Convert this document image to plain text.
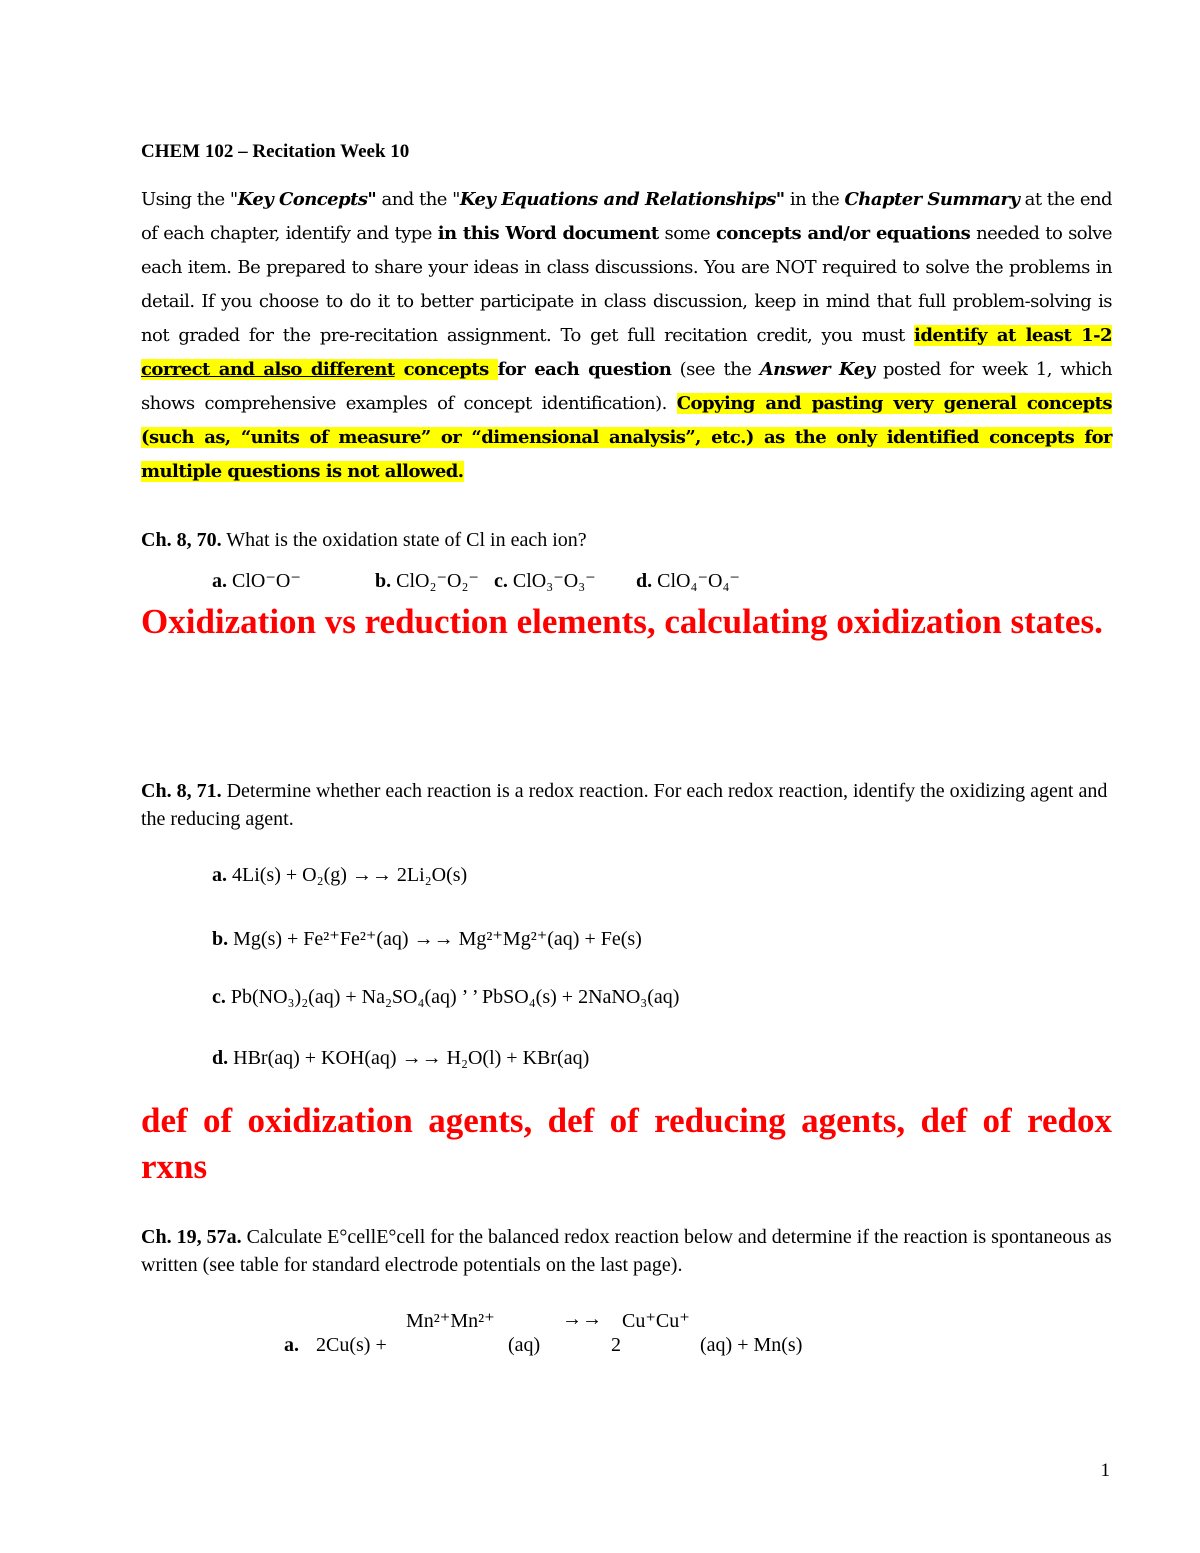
CHEM 102 – Recitation Week 10
Using the "Key Concepts" and the "Key Equations and Relationships" in the Chapter Summary at the end of each chapter, identify and type in this Word document some concepts and/or equations needed to solve each item. Be prepared to share your ideas in class discussions. You are NOT required to solve the problems in detail. If you choose to do it to better participate in class discussion, keep in mind that full problem-solving is not graded for the pre-recitation assignment. To get full recitation credit, you must identify at least 1-2 correct and also different concepts for each question (see the Answer Key posted for week 1, which shows comprehensive examples of concept identification). Copying and pasting very general concepts (such as, “units of measure” or “dimensional analysis”, etc.) as the only identified concepts for multiple questions is not allowed.
Ch. 8, 70. What is the oxidation state of Cl in each ion?
a. ClO⁻O⁻	b. ClO₂⁻O₂⁻ c. ClO₃⁻O₃⁻ d. ClO₄⁻O₄⁻
Oxidization vs reduction elements, calculating oxidization states.
Ch. 8, 71. Determine whether each reaction is a redox reaction. For each redox reaction, identify the oxidizing agent and the reducing agent.
a. 4Li(s) + O₂(g) →→ 2Li₂O(s)
b. Mg(s) + Fe²⁺Fe²⁺(aq) →→ Mg²⁺Mg²⁺(aq) + Fe(s)
c. Pb(NO₃)₂(aq) + Na₂SO₄(aq) ’ ’ PbSO₄(s) + 2NaNO₃(aq)
d. HBr(aq) + KOH(aq) →→ H₂O(l) + KBr(aq)
def of oxidization agents, def of reducing agents, def of redox rxns
Ch. 19, 57a. Calculate E°cellE°cell for the balanced redox reaction below and determine if the reaction is spontaneous as written (see table for standard electrode potentials on the last page).
a. 2Cu(s) +
Mn²⁺Mn²⁺
(aq)
→→
2
Cu⁺Cu⁺
(aq) + Mn(s)
1
